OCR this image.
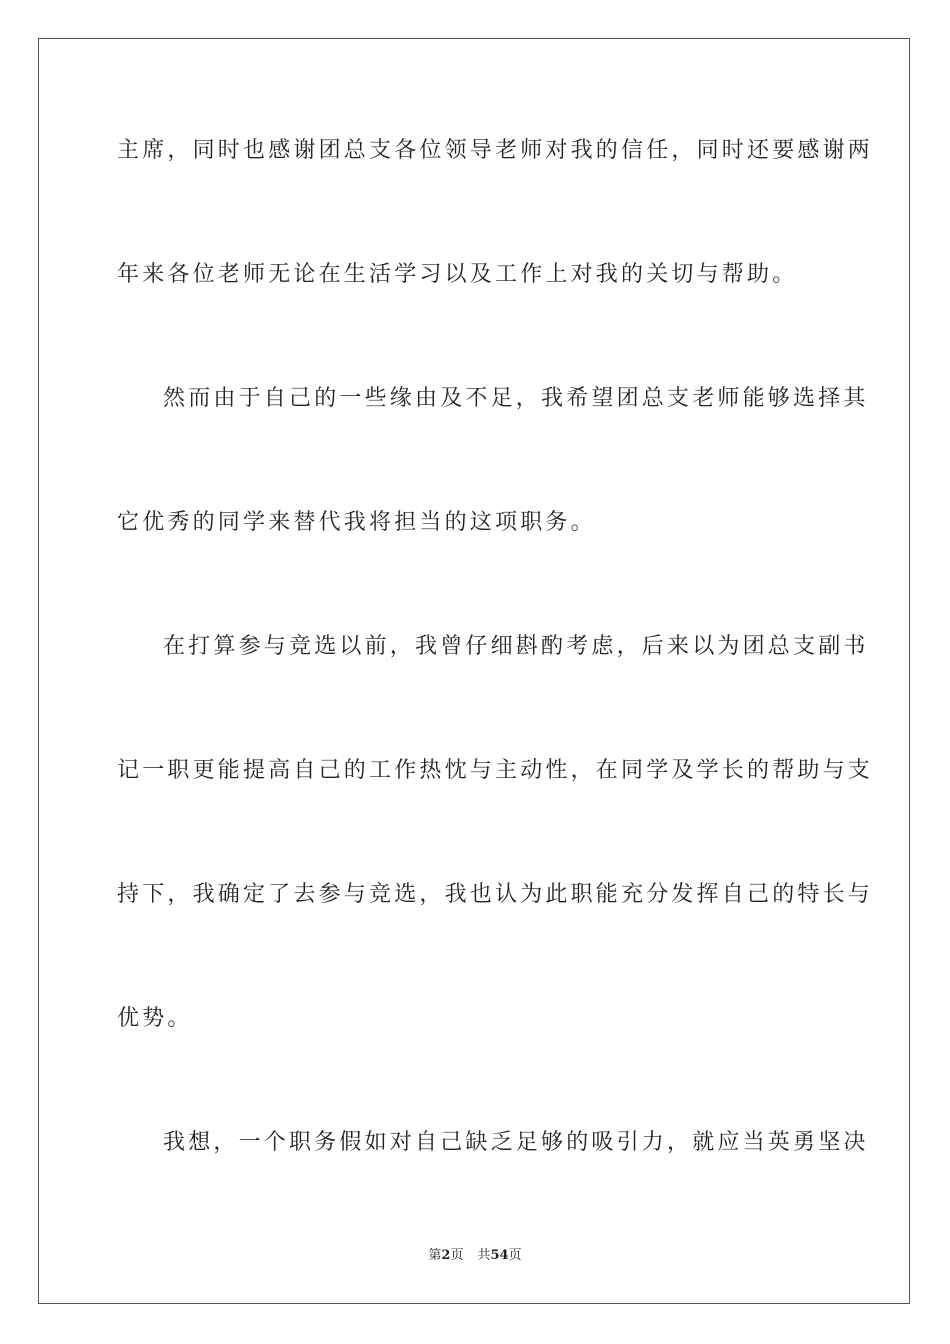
主席，同时也感谢团总支各位领导老师对我的信任，同时还要感谢两
年来各位老师无论在生活学习以及工作上对我的关切与帮助。
然而由于自己的一些缘由及不足，我希望团总支老师能够选择其
它优秀的同学来替代我将担当的这项职务。
在打算参与竞选以前，我曾仔细斟酌考虑，后来以为团总支副书
记一职更能提高自己的工作热忱与主动性，在同学及学长的帮助与支
持下，我确定了去参与竞选，我也认为此职能充分发挥自己的特长与
优势。
我想，一个职务假如对自己缺乏足够的吸引力，就应当英勇坚决
第2页 共54页
